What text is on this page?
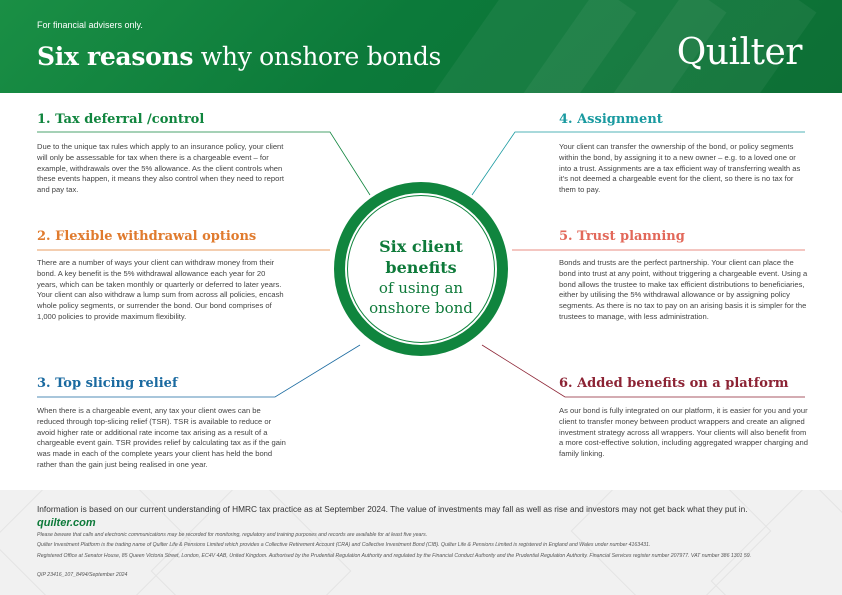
For financial advisers only.
Six reasons why onshore bonds	Quilter
1. Tax deferral /control

Due to the unique tax rules which apply to an insurance policy, your client will only be assessable for tax when there is a chargeable event – for example, withdrawals over the 5% allowance. As the client controls when these events happen, it means they also control when they need to report and pay tax.

2. Flexible withdrawal options

There are a number of ways your client can withdraw money from their bond. A key benefit is the 5% withdrawal allowance each year for 20 years, which can be taken monthly or quarterly or deferred to later years. Your client can also withdraw a lump sum from across all policies, encash whole policy segments, or surrender the bond. Our bond comprises of 1,000 policies to provide maximum flexibility.

3. Top slicing relief

When there is a chargeable event, any tax your client owes can be reduced through top-slicing relief (TSR). TSR is available to reduce or avoid higher rate or additional rate income tax arising as a result of a chargeable event gain. TSR provides relief by calculating tax as if the gain was made in each of the complete years your client has held the bond rather than the gain just being realised in one year.

4. Assignment

Your client can transfer the ownership of the bond, or policy segments within the bond, by assigning it to a new owner – e.g. to a loved one or into a trust. Assignments are a tax efficient way of transferring wealth as it's not deemed a chargeable event for the client, so there is no tax for them to pay.

5. Trust planning

Bonds and trusts are the perfect partnership. Your client can place the bond into trust at any point, without triggering a chargeable event. Using a bond allows the trustee to make tax efficient distributions to beneficiaries, either by utilising the 5% withdrawal allowance or by assigning policy segments. As there is no tax to pay on an arising basis it is simpler for the trustees to manage, with less administration.

6. Added benefits on a platform

As our bond is fully integrated on our platform, it is easier for you and your client to transfer money between product wrappers and create an aligned investment strategy across all wrappers. Your clients will also benefit from a more cost-effective solution, including aggregated wrapper charging and family linking.

Six client
benefits
of using an
onshore bond
Information is based on our current understanding of HMRC tax practice as at September 2024. The value of investments may fall as well as rise and investors may not get back what they put in.
quilter.com
Please beware that calls and electronic communications may be recorded for monitoring, regulatory and training purposes and records are available for at least five years.
Quilter Investment Platform is the trading name of Quilter Life & Pensions Limited which provides a Collective Retirement Account (CRA) and Collective Investment Bond (CIB). Quilter Life & Pensions Limited is registered in England and Wales under number 4163431.
Registered Office at Senator House, 85 Queen Victoria Street, London, EC4V 4AB, United Kingdom. Authorised by the Prudential Regulation Authority and regulated by the Financial Conduct Authority and the Prudential Regulation Authority. Financial Services register number 207977. VAT number 386 1301 59.
QIP 23416_107_8494/September 2024
